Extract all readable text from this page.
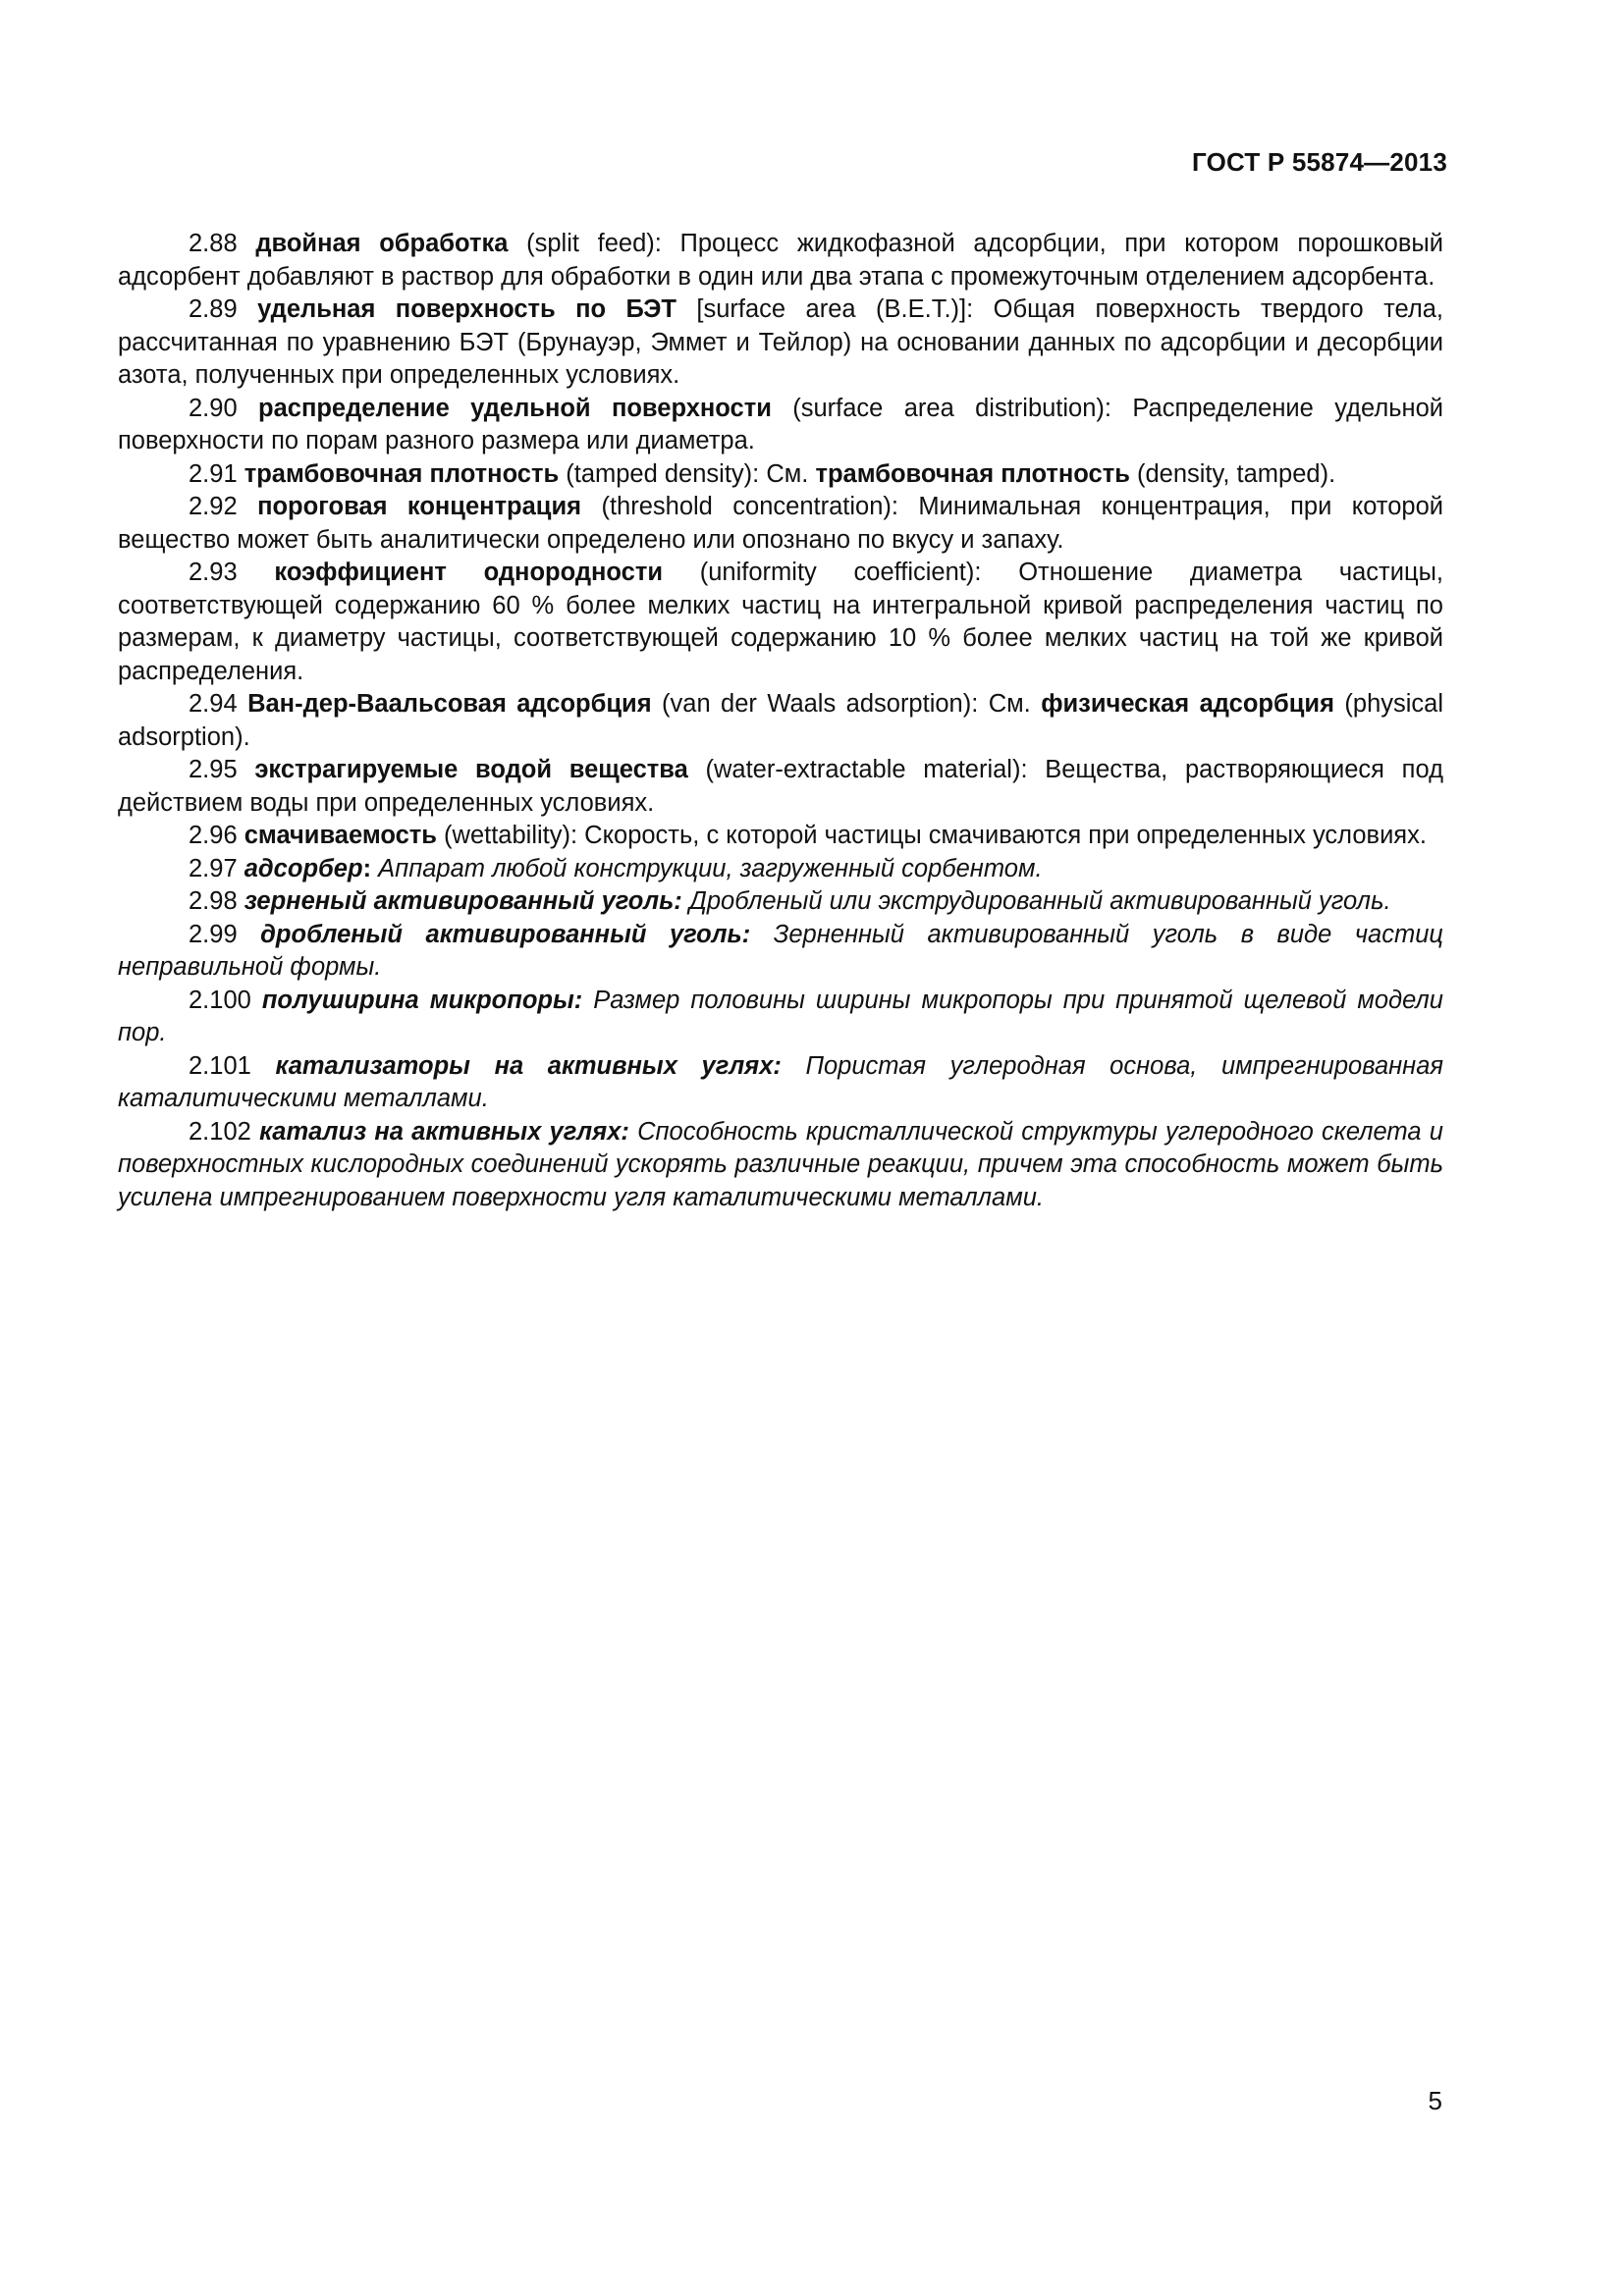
ГОСТ Р 55874—2013

2.88 двойная обработка (split feed): Процесс жидкофазной адсорбции, при котором порошковый адсорбент добавляют в раствор для обработки в один или два этапа с промежуточным отделением адсорбента.

2.89 удельная поверхность по БЭТ [surface area (B.E.T.)]: Общая поверхность твердого тела, рассчитанная по уравнению БЭТ (Брунауэр, Эммет и Тейлор) на основании данных по адсорбции и десорбции азота, полученных при определенных условиях.

2.90 распределение удельной поверхности (surface area distribution): Распределение удельной поверхности по порам разного размера или диаметра.

2.91 трамбовочная плотность (tamped density): См. трамбовочная плотность (density, tamped).

2.92 пороговая концентрация (threshold concentration): Минимальная концентрация, при которой вещество может быть аналитически определено или опознано по вкусу и запаху.

2.93 коэффициент однородности (uniformity coefficient): Отношение диаметра частицы, соответствующей содержанию 60 % более мелких частиц на интегральной кривой распределения частиц по размерам, к диаметру частицы, соответствующей содержанию 10 % более мелких частиц на той же кривой распределения.

2.94 Ван-дер-Ваальсовая адсорбция (van der Waals adsorption): См. физическая адсорбция (physical adsorption).

2.95 экстрагируемые водой вещества (water-extractable material): Вещества, растворяющиеся под действием воды при определенных условиях.

2.96 смачиваемость (wettability): Скорость, с которой частицы смачиваются при определенных условиях.

2.97 адсорбер: Аппарат любой конструкции, загруженный сорбентом.

2.98 зерненый активированный уголь: Дробленый или экструдированный активированный уголь.

2.99 дробленый активированный уголь: Зерненный активированный уголь в виде частиц неправильной формы.

2.100 полуширина микропоры: Размер половины ширины микропоры при принятой щелевой модели пор.

2.101 катализаторы на активных углях: Пористая углеродная основа, импрегнированная каталитическими металлами.

2.102 катализ на активных углях: Способность кристаллической структуры углеродного скелета и поверхностных кислородных соединений ускорять различные реакции, причем эта способность может быть усилена импрегнированием поверхности угля каталитическими металлами.

5
